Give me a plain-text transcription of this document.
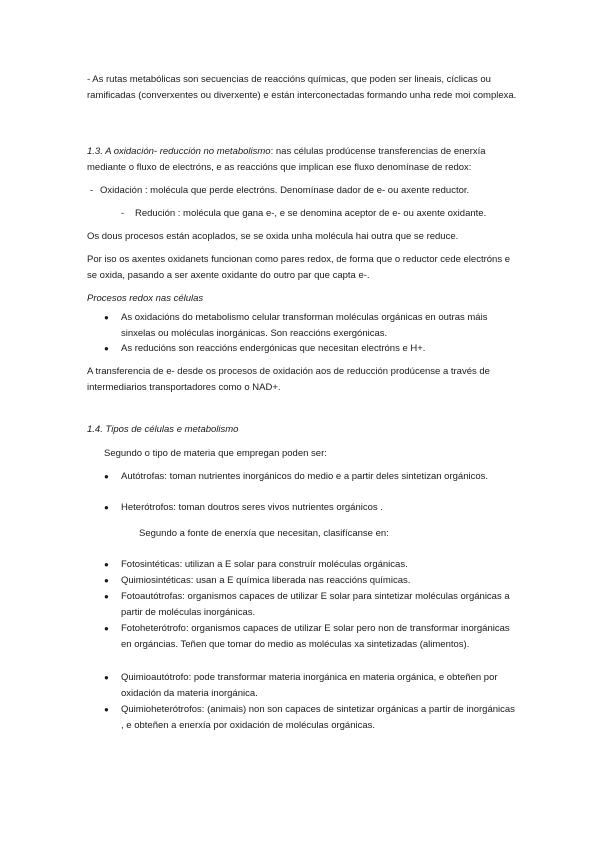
- As rutas metabólicas son secuencias de reaccións químicas, que poden ser lineais, cíclicas ou ramificadas (converxentes ou diverxente) e están interconectadas formando unha rede moi complexa.
1.3. A oxidación- reducción no metabolismo: nas células prodúcense transferencias de enerxía mediante o fluxo de electróns, e as reaccións que implican ese fluxo denomínase de redox:
- Oxidación : molécula que perde electróns. Denomínase dador de e- ou axente reductor.
- Redución : molécula que gana e-, e se denomina aceptor de e- ou axente oxidante.
Os dous procesos están acoplados, se se oxida unha molécula hai outra que se reduce.
Por iso os axentes oxidanets funcionan como pares redox, de forma que o reductor cede electróns e se oxida, pasando a ser axente oxidante do outro par que capta e-.
Procesos redox nas células
● As oxidacións do metabolismo celular transforman moléculas orgánicas en outras máis sinxelas ou moléculas inorgánicas. Son reaccións exergónicas.
● As reducións son reaccións endergónicas que necesitan electróns e H+.
A transferencia de e- desde os procesos de oxidación aos de reducción prodúcense a través de intermediarios transportadores como o NAD+.
1.4. Tipos de células e metabolismo
Segundo o tipo de materia que empregan poden ser:
● Autótrofas: toman nutrientes inorgánicos do medio e a partir deles sintetizan orgánicos.
● Heterótrofos: toman doutros seres vivos nutrientes orgánicos .
Segundo a fonte de enerxía que necesitan, clasifícanse en:
● Fotosintéticas: utilizan a E solar para construír moléculas orgánicas.
● Quimiosintéticas: usan a E química liberada nas reaccións químicas.
● Fotoautótrofas: organismos capaces de utilizar E solar para sintetizar moléculas orgánicas a partir de moléculas inorgánicas.
● Fotoheterótrofo: organismos capaces de utilizar E solar pero non de transformar inorgánicas en orgáncias. Teñen que tomar do medio as moléculas xa sintetizadas (alimentos).
● Quimioautótrofo: pode transformar materia inorgánica en materia orgánica, e obteñen por oxidación da materia inorgánica.
● Quimioheterótrofos: (animais) non son capaces de sintetizar orgánicas a partir de inorgánicas , e obteñen a enerxía por oxidación de moléculas orgánicas.
